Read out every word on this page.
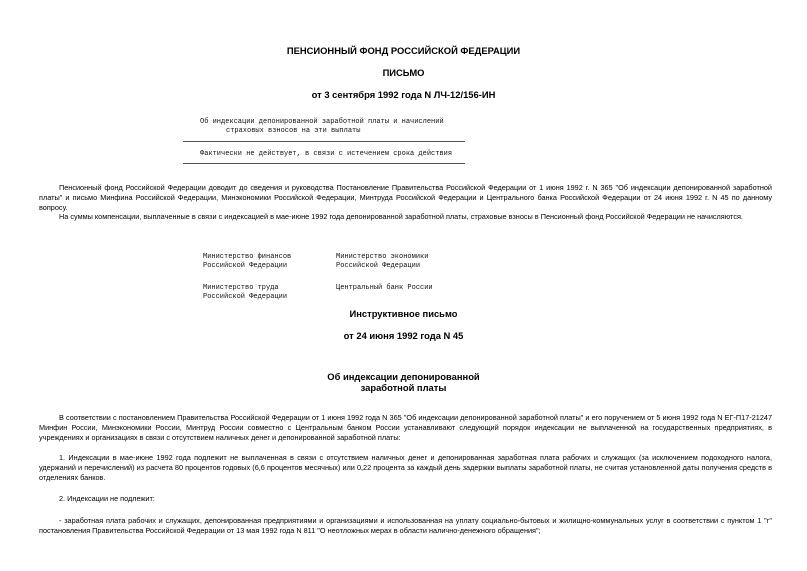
ПЕНСИОННЫЙ ФОНД РОССИЙСКОЙ ФЕДЕРАЦИИ
ПИСЬМО
от 3 сентября 1992 года N ЛЧ-12/156-ИН
Об индексации депонированной заработной платы и начислений
страховых взносов на эти выплаты
Фактически не действует, в связи с истечением срока действия
Пенсионный фонд Российской Федерации доводит до сведения и руководства Постановление Правительства Российской Федерации от 1 июня 1992 г. N 365 "Об индексации депонированной заработной платы" и письмо Минфина Российской Федерации, Минэкономики Российской Федерации, Минтруда Российской Федерации и Центрального банка Российской Федерации от 24 июня 1992 г. N 45 по данному вопросу.
На суммы компенсации, выплаченные в связи с индексацией в мае-июне 1992 года депонированной заработной платы, страховые взносы в Пенсионный фонд Российской Федерации не начисляются.
Министерство финансов
Российской Федерации
Министерство экономики
Российской Федерации
Министерство труда
Российской Федерации
Центральный банк России
Инструктивное письмо
от 24 июня 1992 года N 45
Об индексации депонированной
заработной платы
В соответствии с постановлением Правительства Российской Федерации от 1 июня 1992 года N 365 "Об индексации депонированной заработной платы" и его поручением от 5 июня 1992 года N ЕГ-П17-21247 Минфин России, Минэкономики России, Минтруд России совместно с Центральным банком России устанавливают следующий порядок индексации не выплаченной на государственных предприятиях, в учреждениях и организациях в связи с отсутствием наличных денег и депонированной заработной платы:
1. Индексации в мае-июне 1992 года подлежит не выплаченная в связи с отсутствием наличных денег и депонированная заработная плата рабочих и служащих (за исключением подоходного налога, удержаний и перечислений) из расчета 80 процентов годовых (6,6 процентов месячных) или 0,22 процента за каждый день задержки выплаты заработной платы, не считая установленной даты получения средств в отделениях банков.
2. Индексации не подлежит:
- заработная плата рабочих и служащих, депонированная предприятиями и организациями и использованная на уплату социально-бытовых и жилищно-коммунальных услуг в соответствии с пунктом 1 "г" постановления Правительства Российской Федерации от 13 мая 1992 года N 811 "О неотложных мерах в области налично-денежного обращения";
